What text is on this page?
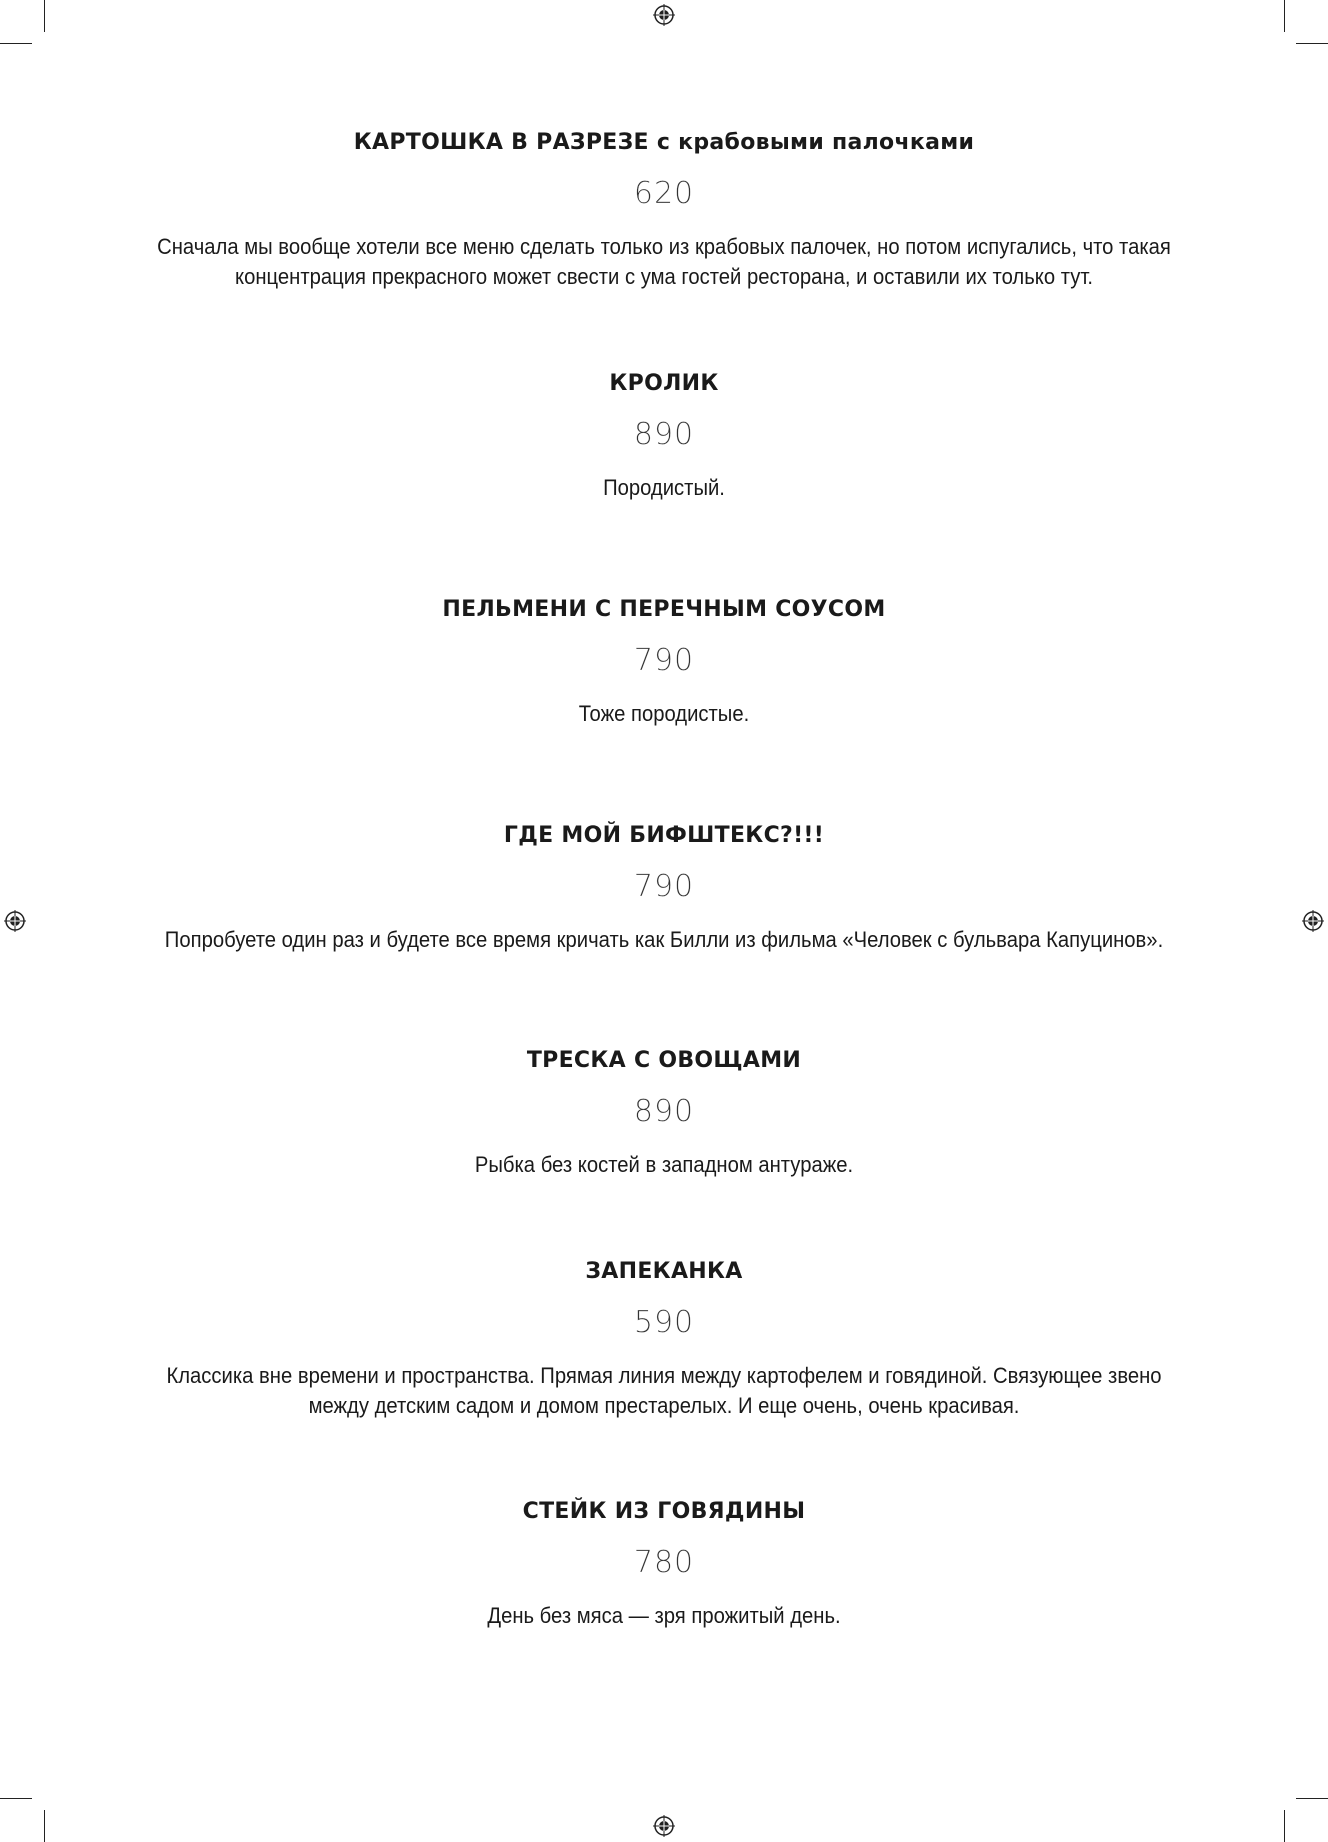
КАРТОШКА В РАЗРЕЗЕ с крабовыми палочками
620
Сначала мы вообще хотели все меню сделать только из крабовых палочек, но потом испугались, что такая концентрация прекрасного может свести с ума гостей ресторана, и оставили их только тут.
КРОЛИК
890
Породистый.
ПЕЛЬМЕНИ С ПЕРЕЧНЫМ СОУСОМ
790
Тоже породистые.
ГДЕ МОЙ БИФШТЕКС?!!!
790
Попробуете один раз и будете все время кричать как Билли из фильма «Человек с бульвара Капуцинов».
ТРЕСКА С ОВОЩАМИ
890
Рыбка без костей в западном антураже.
ЗАПЕКАНКА
590
Классика вне времени и пространства. Прямая линия между картофелем и говядиной. Связующее звено между детским садом и домом престарелых. И еще очень, очень красивая.
СТЕЙК ИЗ ГОВЯДИНЫ
780
День без мяса — зря прожитый день.
